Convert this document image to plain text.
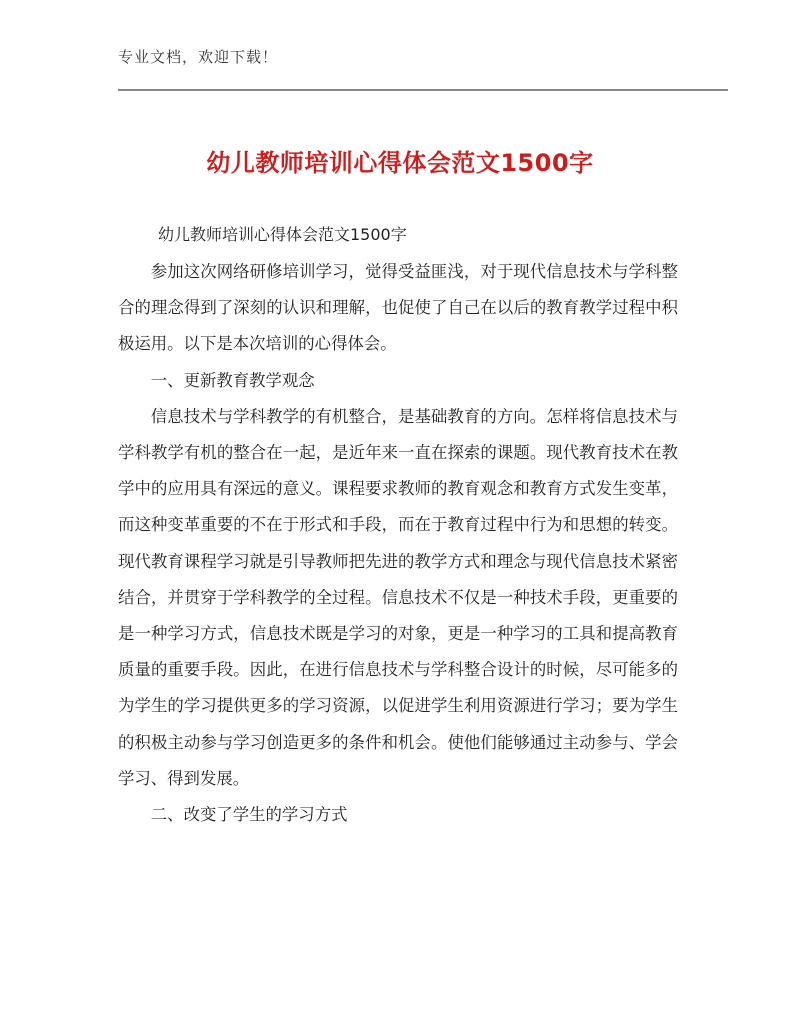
专业文档，欢迎下载！
幼儿教师培训心得体会范文1500字
幼儿教师培训心得体会范文1500字

参加这次网络研修培训学习，觉得受益匪浅，对于现代信息技术与学科整合的理念得到了深刻的认识和理解，也促使了自己在以后的教育教学过程中积极运用。以下是本次培训的心得体会。

一、更新教育教学观念

信息技术与学科教学的有机整合，是基础教育的方向。怎样将信息技术与学科教学有机的整合在一起，是近年来一直在探索的课题。现代教育技术在教学中的应用具有深远的意义。课程要求教师的教育观念和教育方式发生变革，而这种变革重要的不在于形式和手段，而在于教育过程中行为和思想的转变。现代教育课程学习就是引导教师把先进的教学方式和理念与现代信息技术紧密结合，并贯穿于学科教学的全过程。信息技术不仅是一种技术手段，更重要的是一种学习方式，信息技术既是学习的对象，更是一种学习的工具和提高教育质量的重要手段。因此，在进行信息技术与学科整合设计的时候，尽可能多的为学生的学习提供更多的学习资源，以促进学生利用资源进行学习；要为学生的积极主动参与学习创造更多的条件和机会。使他们能够通过主动参与、学会学习、得到发展。

二、改变了学生的学习方式
